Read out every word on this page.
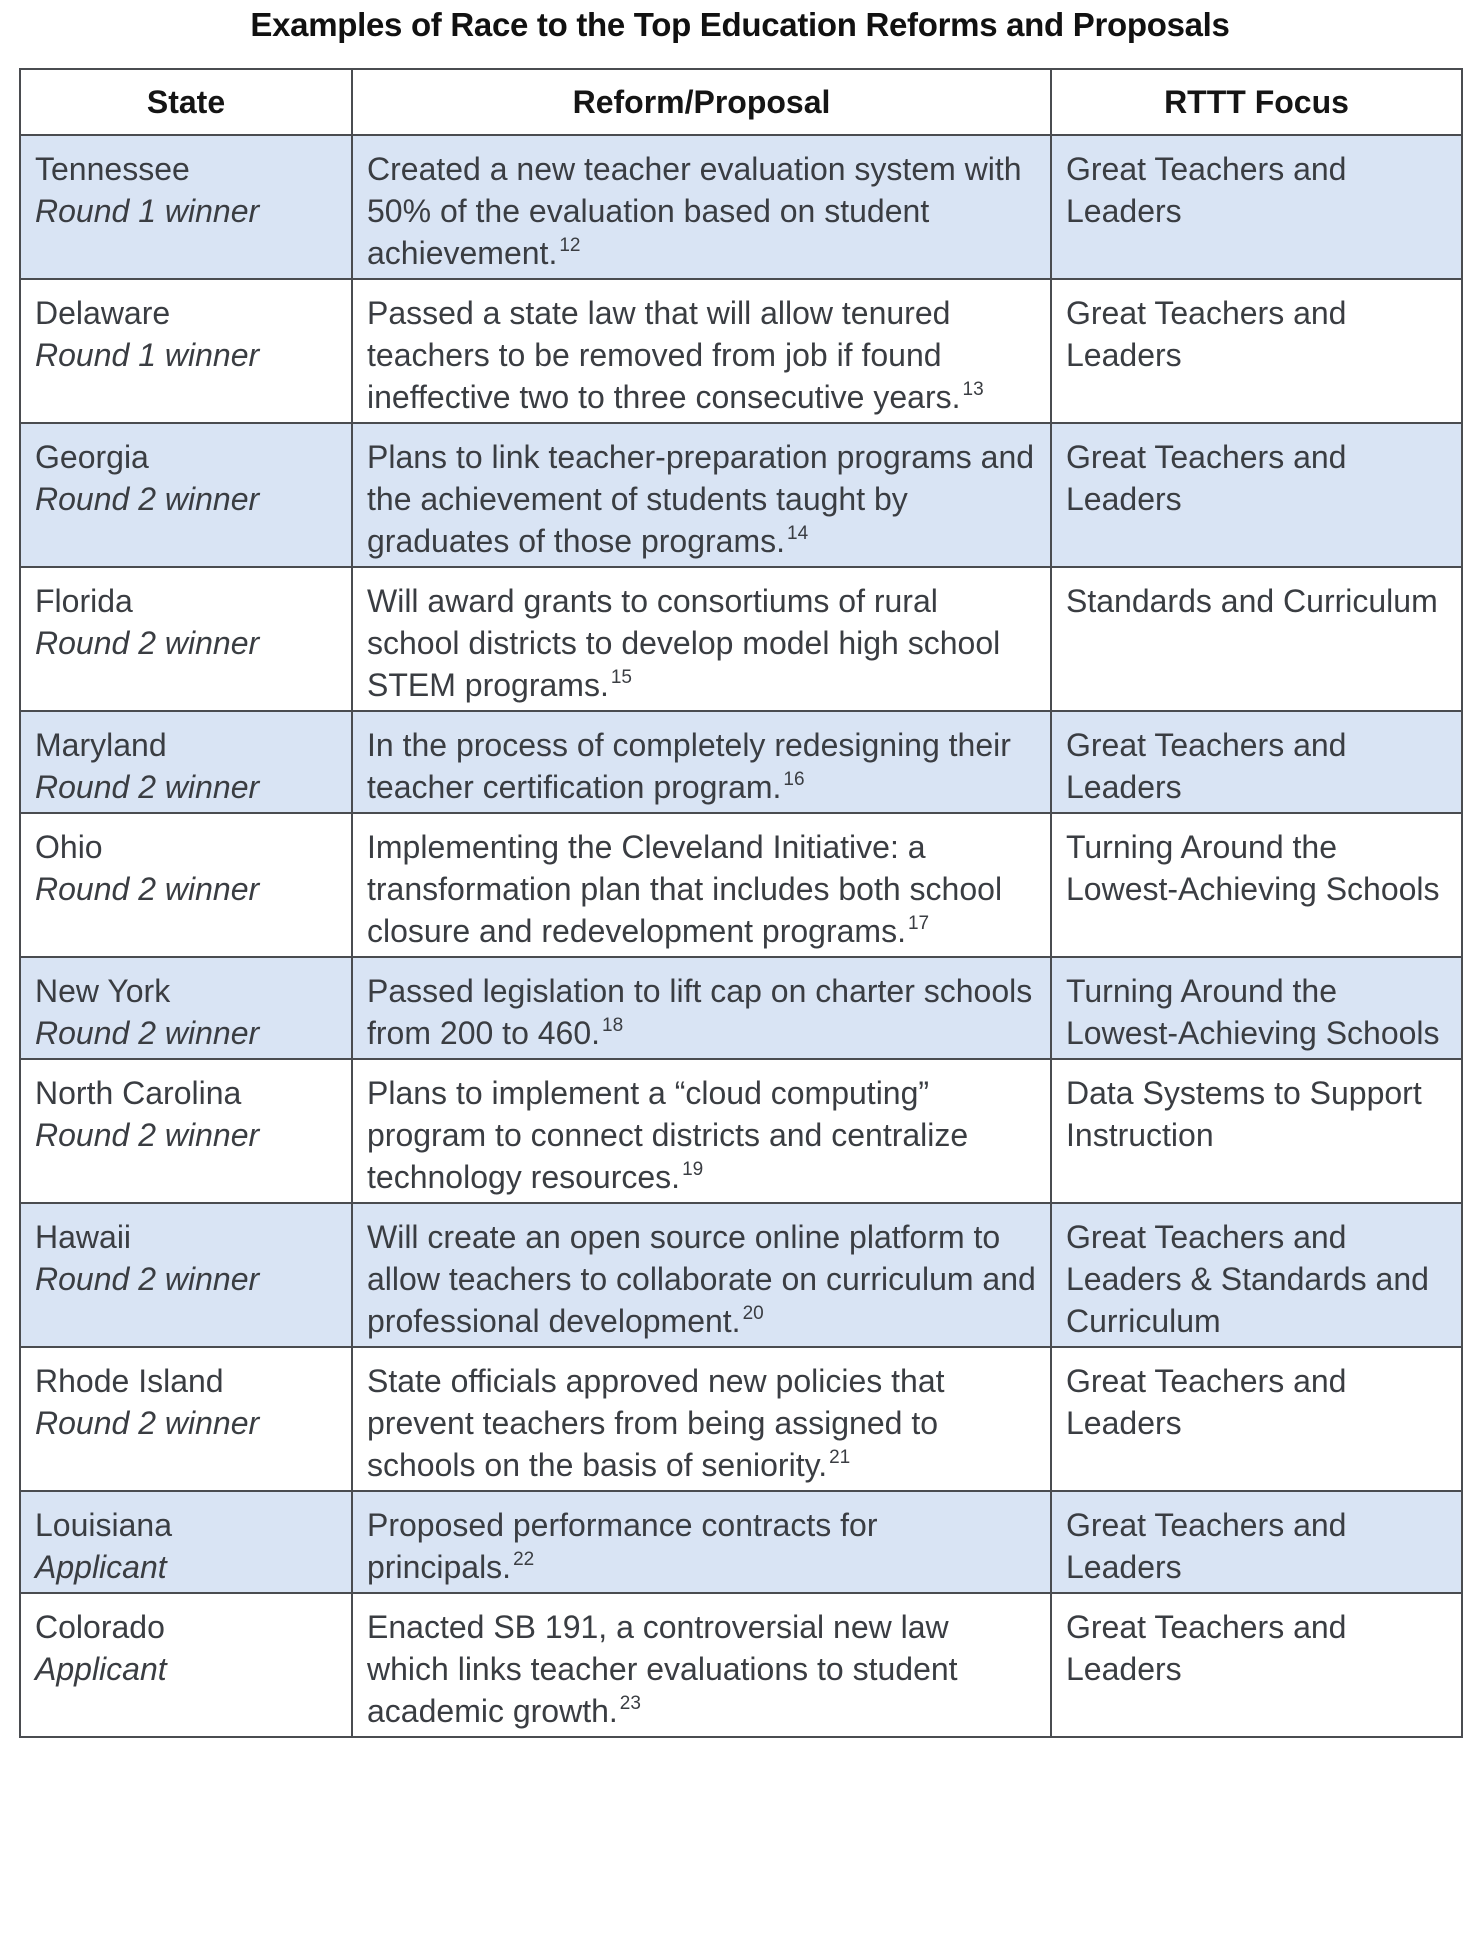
Examples of Race to the Top Education Reforms and Proposals
State	Reform/Proposal	RTTT Focus

Tennessee
Round 1 winner	Created a new teacher evaluation system with 50% of the evaluation based on student achievement. $^{12}$	Great Teachers and Leaders

Delaware
Round 1 winner	Passed a state law that will allow tenured teachers to be removed from job if found ineffective two to three consecutive years. $^{13}$	Great Teachers and Leaders

Georgia
Round 2 winner	Plans to link teacher-preparation programs and the achievement of students taught by graduates of those programs. $^{14}$	Great Teachers and Leaders

Florida
Round 2 winner	Will award grants to consortiums of rural school districts to develop model high school STEM programs. $^{15}$	Standards and Curriculum

Maryland
Round 2 winner	In the process of completely redesigning their teacher certification program. $^{16}$	Great Teachers and Leaders

Ohio
Round 2 winner	Implementing the Cleveland Initiative: a transformation plan that includes both school closure and redevelopment programs. $^{17}$	Turning Around the Lowest-Achieving Schools

New York
Round 2 winner	Passed legislation to lift cap on charter schools from 200 to 460. $^{18}$	Turning Around the Lowest-Achieving Schools

North Carolina
Round 2 winner	Plans to implement a “cloud computing” program to connect districts and centralize technology resources. $^{19}$	Data Systems to Support Instruction

Hawaii
Round 2 winner	Will create an open source online platform to allow teachers to collaborate on curriculum and professional development. $^{20}$	Great Teachers and Leaders & Standards and Curriculum

Rhode Island
Round 2 winner	State officials approved new policies that prevent teachers from being assigned to schools on the basis of seniority. $^{21}$	Great Teachers and Leaders

Louisiana
Applicant	Proposed performance contracts for principals. $^{22}$	Great Teachers and Leaders

Colorado
Applicant	Enacted SB 191, a controversial new law which links teacher evaluations to student academic growth. $^{23}$	Great Teachers and Leaders
